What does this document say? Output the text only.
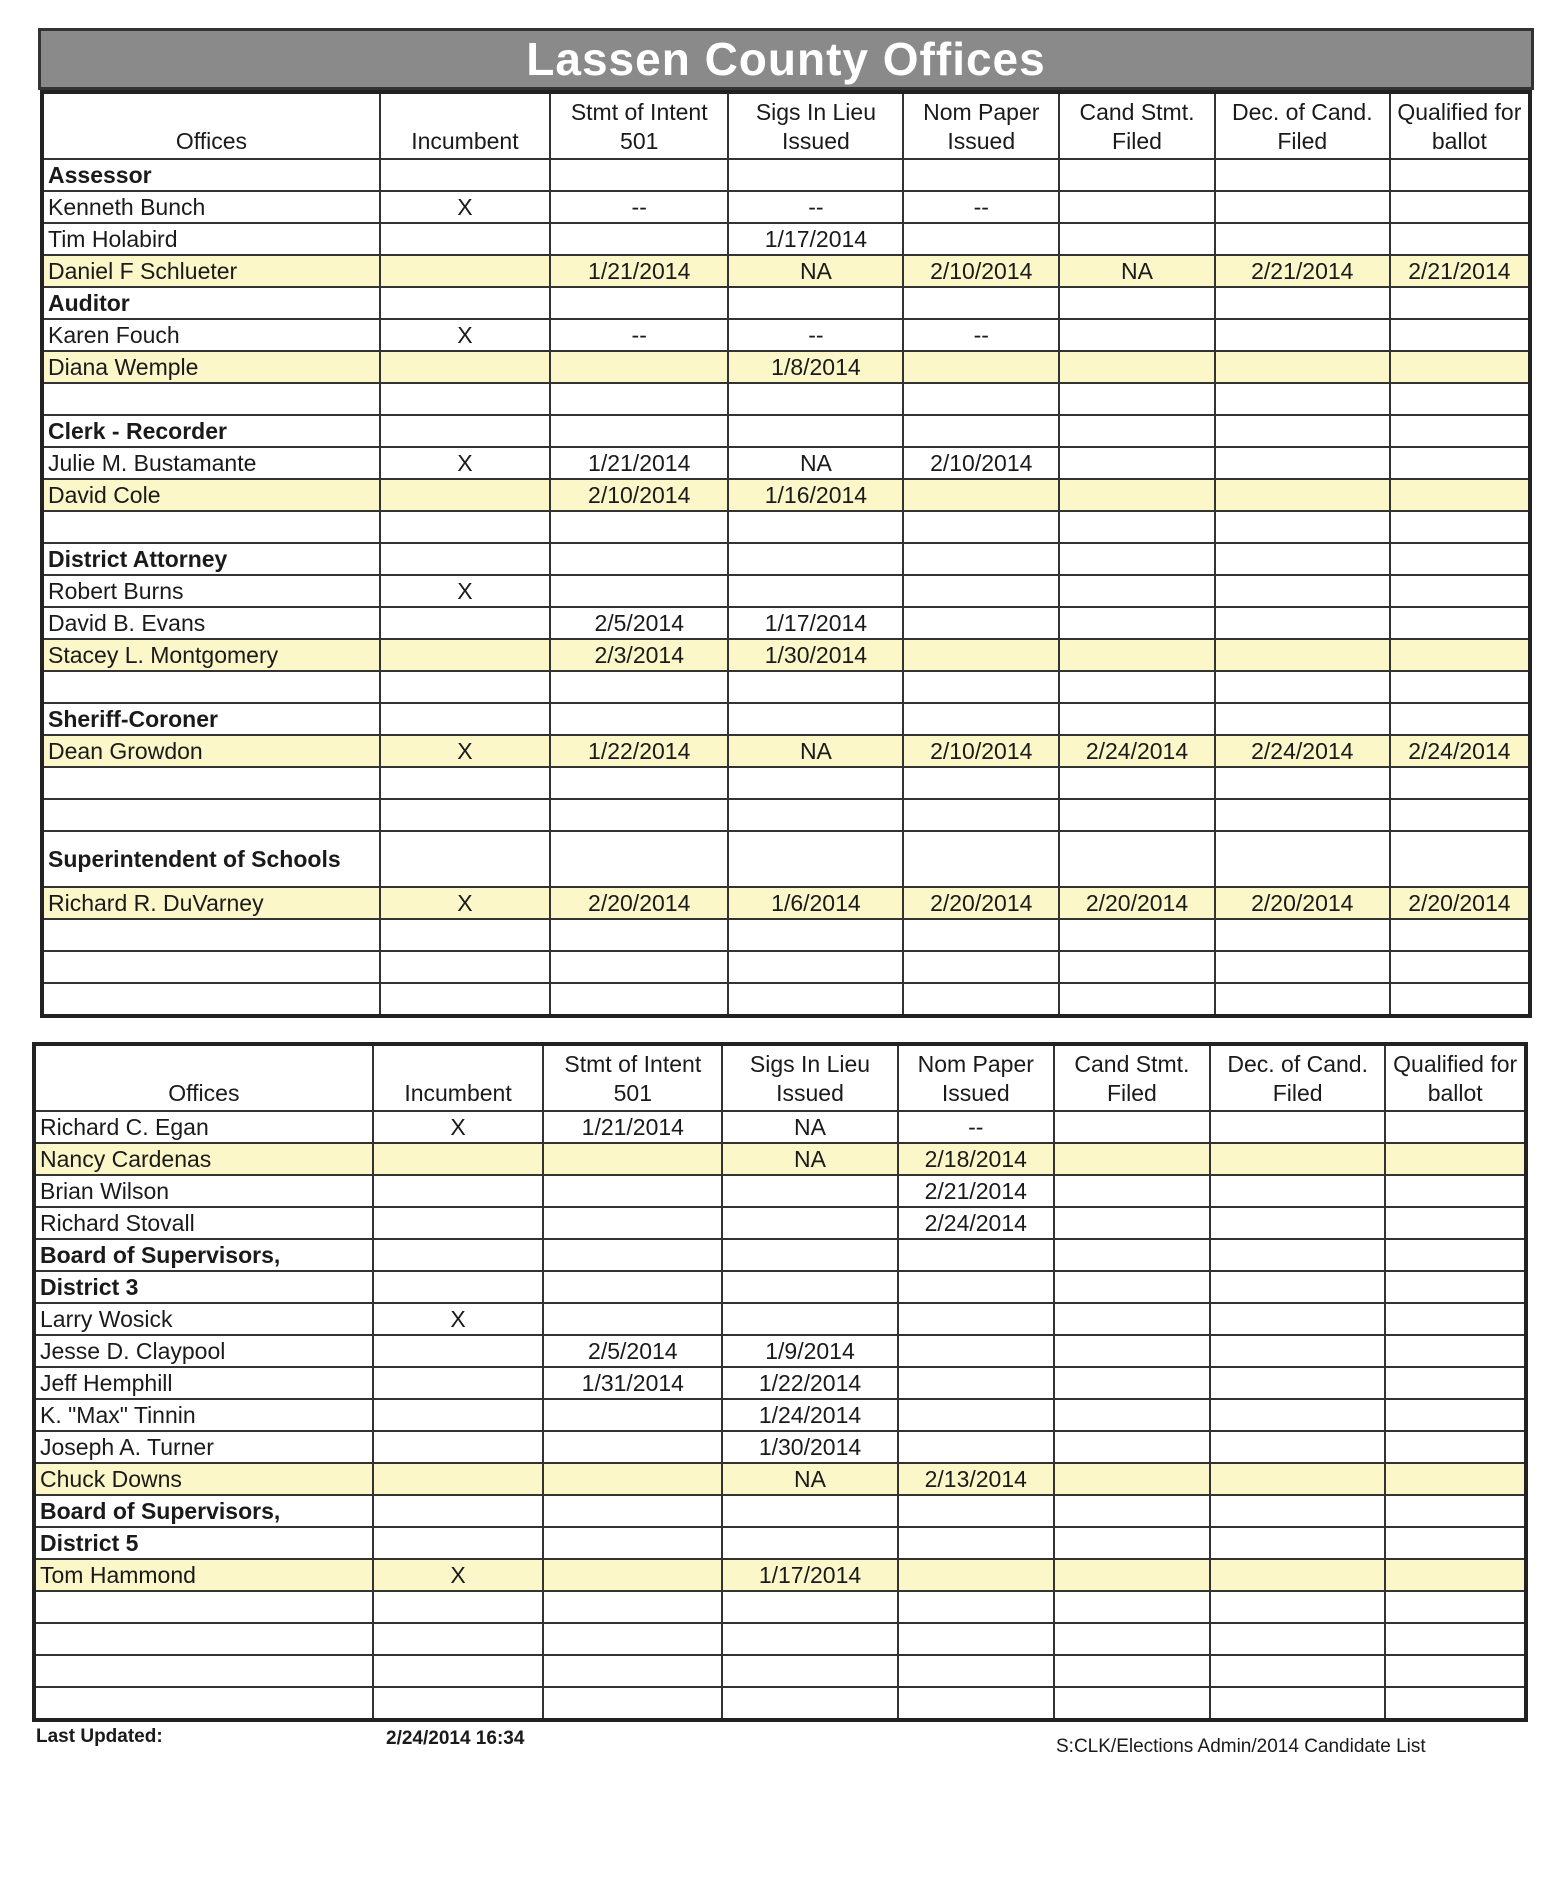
Lassen County Offices
Offices	Incumbent	Stmt of Intent 501	Sigs In Lieu Issued	Nom Paper Issued	Cand Stmt. Filed	Dec. of Cand. Filed	Qualified for ballot
Assessor							
Kenneth Bunch	X	--	--	--			
Tim Holabird			1/17/2014				
Daniel F Schlueter		1/21/2014	NA	2/10/2014	NA	2/21/2014	2/21/2014
Auditor							
Karen Fouch	X	--	--	--			
Diana Wemple			1/8/2014				

Clerk - Recorder							
Julie M. Bustamante	X	1/21/2014	NA	2/10/2014			
David Cole		2/10/2014	1/16/2014				

District Attorney							
Robert Burns	X						
David B. Evans		2/5/2014	1/17/2014				
Stacey L. Montgomery		2/3/2014	1/30/2014				

Sheriff-Coroner							
Dean Growdon	X	1/22/2014	NA	2/10/2014	2/24/2014	2/24/2014	2/24/2014

Superintendent of Schools							
Richard R. DuVarney	X	2/20/2014	1/6/2014	2/20/2014	2/20/2014	2/20/2014	2/20/2014

Offices	Incumbent	Stmt of Intent 501	Sigs In Lieu Issued	Nom Paper Issued	Cand Stmt. Filed	Dec. of Cand. Filed	Qualified for ballot
Richard C. Egan	X	1/21/2014	NA	--			
Nancy Cardenas			NA	2/18/2014			
Brian Wilson				2/21/2014			
Richard Stovall				2/24/2014			
Board of Supervisors,							
District 3							
Larry Wosick	X						
Jesse D. Claypool		2/5/2014	1/9/2014				
Jeff Hemphill		1/31/2014	1/22/2014				
K. "Max" Tinnin			1/24/2014				
Joseph A. Turner			1/30/2014				
Chuck Downs			NA	2/13/2014			
Board of Supervisors,							
District 5							
Tom Hammond	X		1/17/2014				

Last Updated:	2/24/2014 16:34	S:CLK/Elections Admin/2014 Candidate List
